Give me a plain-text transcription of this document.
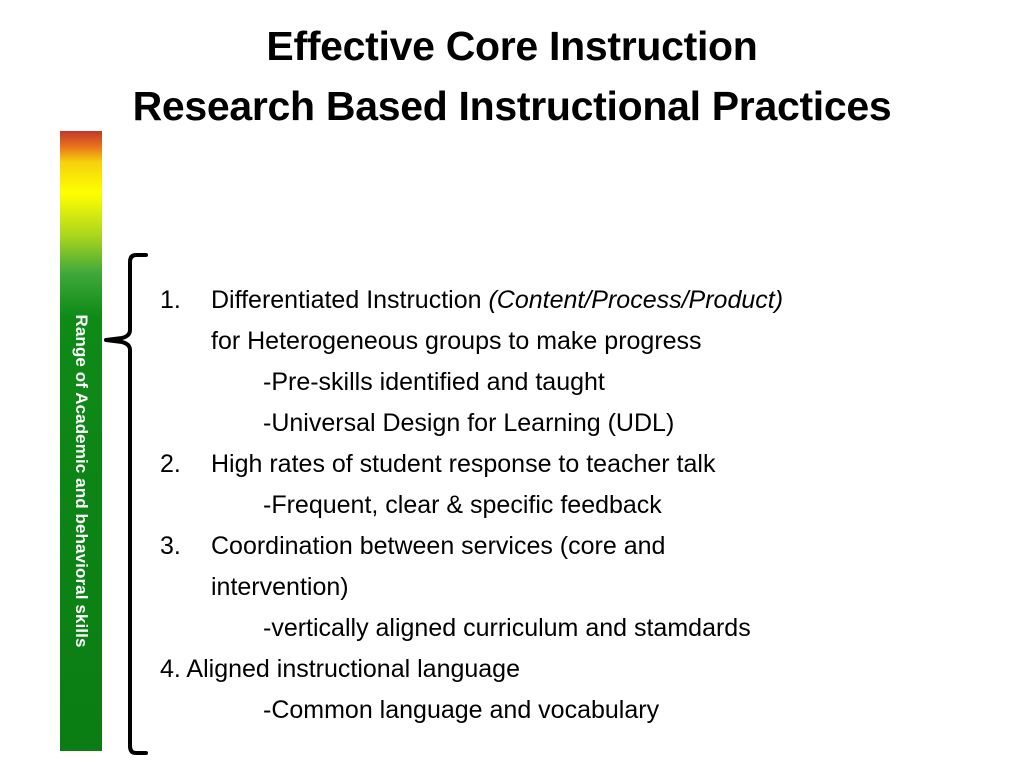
Effective Core Instruction
Research Based Instructional Practices
Range of Academic and behavioral skills
1. Differentiated Instruction (Content/Process/Product)
for Heterogeneous groups to make progress
-Pre-skills identified and taught
-Universal Design for Learning (UDL)
2. High rates of student response to teacher talk
-Frequent, clear & specific feedback
3. Coordination between services (core and
intervention)
-vertically aligned curriculum and stamdards
4. Aligned instructional language
-Common language and vocabulary
